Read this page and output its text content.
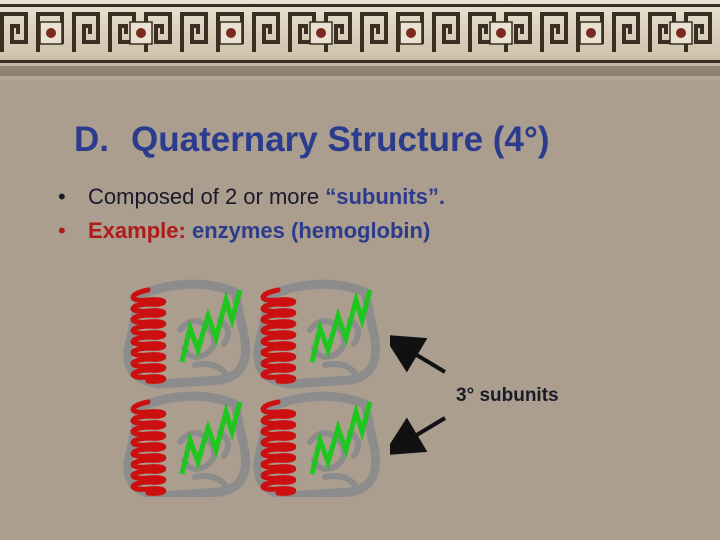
D. Quaternary Structure (4°)
• Composed of 2 or more “subunits”.
• Example: enzymes (hemoglobin)
3° subunits
